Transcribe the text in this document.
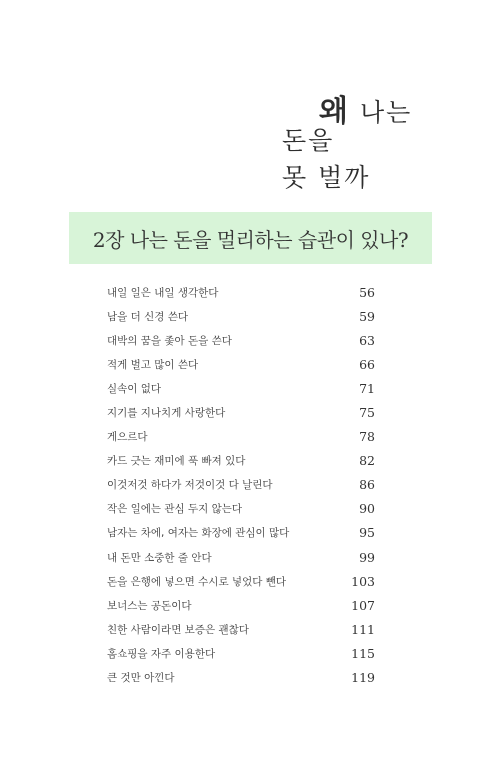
왜 나는
돈을
못 벌까
2장 나는 돈을 멀리하는 습관이 있나?
내일 일은 내일 생각한다	56
남을 더 신경 쓴다	59
대박의 꿈을 좇아 돈을 쓴다	63
적게 벌고 많이 쓴다	66
실속이 없다	71
지기를 지나치게 사랑한다	75
게으르다	78
카드 긋는 재미에 푹 빠져 있다	82
이것저것 하다가 저것이것 다 날린다	86
작은 일에는 관심 두지 않는다	90
남자는 차에, 여자는 화장에 관심이 많다	95
내 돈만 소중한 줄 안다	99
돈을 은행에 넣으면 수시로 넣었다 뺀다	103
보너스는 공돈이다	107
친한 사람이라면 보증은 괜찮다	111
홈쇼핑을 자주 이용한다	115
큰 것만 아낀다	119
